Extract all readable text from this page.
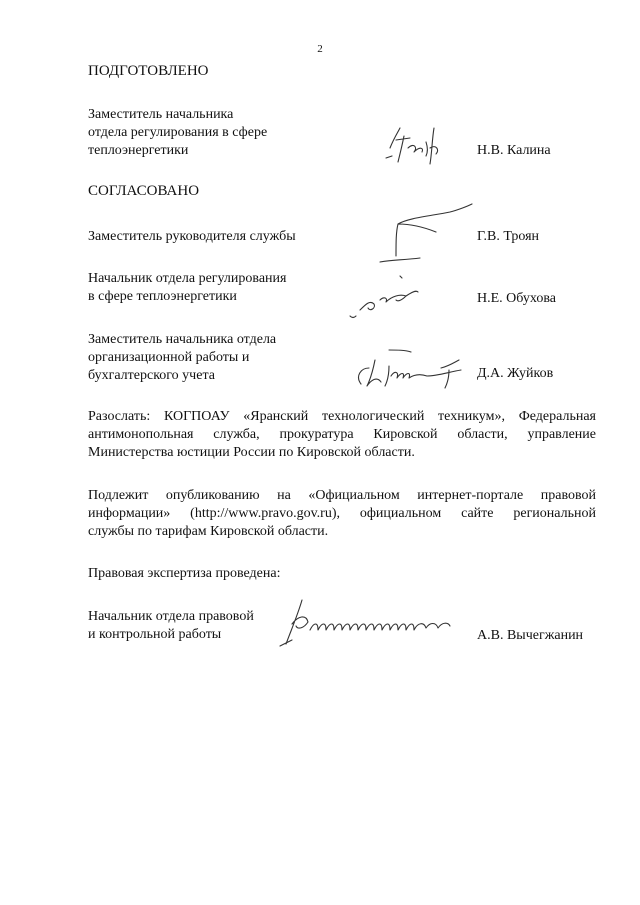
2
ПОДГОТОВЛЕНО
Заместитель начальника
отдела регулирования в сфере
теплоэнергетики	Н.В. Калина
СОГЛАСОВАНО
Заместитель руководителя службы	Г.В. Троян
Начальник отдела регулирования
в сфере теплоэнергетики	Н.Е. Обухова
Заместитель начальника отдела
организационной работы и
бухгалтерского учета	Д.А. Жуйков
Разослать: КОГПОАУ «Яранский технологический техникум», Федеральная
антимонопольная служба, прокуратура Кировской области, управление
Министерства юстиции России по Кировской области.
Подлежит опубликованию на «Официальном интернет-портале правовой
информации» (http://www.pravo.gov.ru), официальном сайте региональной
службы по тарифам Кировской области.
Правовая экспертиза проведена:
Начальник отдела правовой
и контрольной работы	А.В. Вычегжанин
